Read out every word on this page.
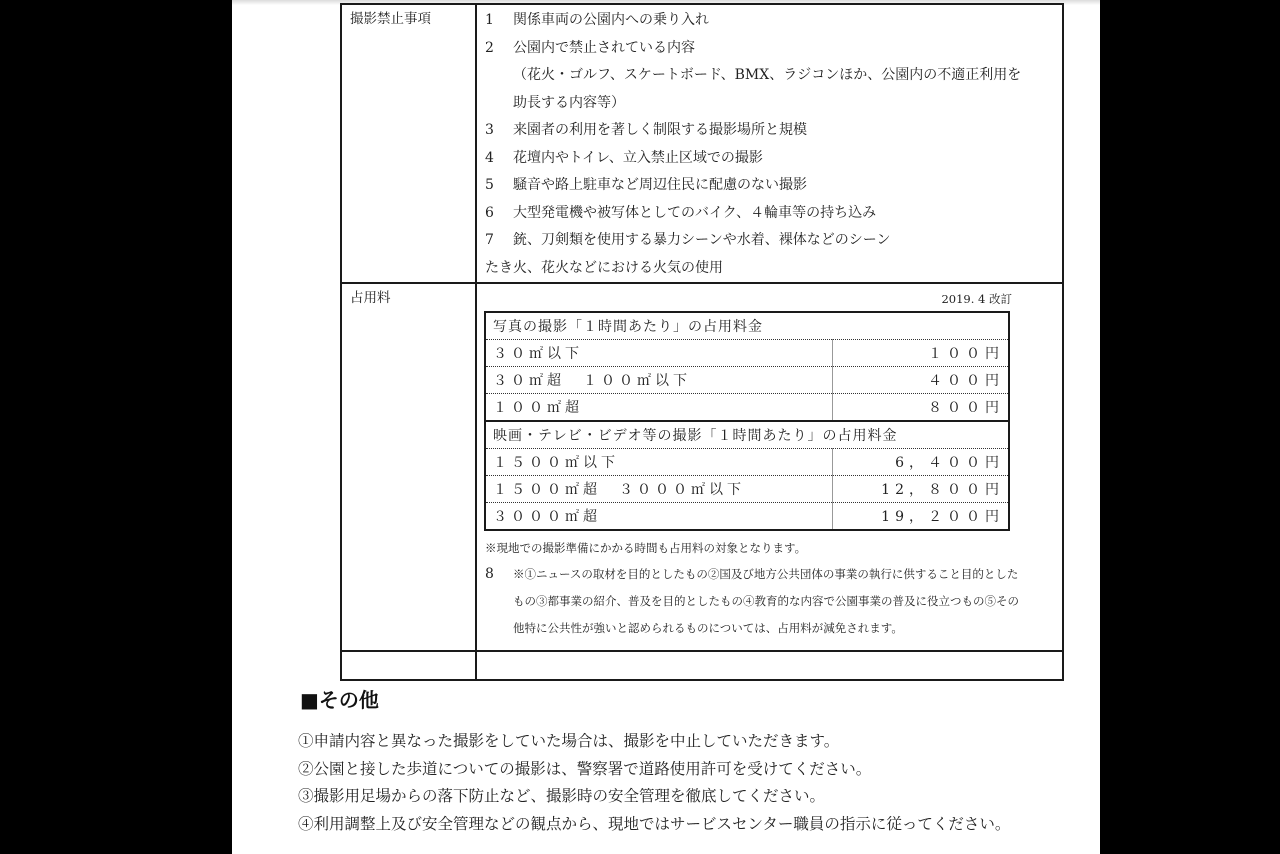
撮影禁止事項	1 関係車両の公園内への乗り入れ
2 公園内で禁止されている内容
（花火・ゴルフ、スケートボード、BMX、ラジコンほか、公園内の不適正利用を
助長する内容等）
3 来園者の利用を著しく制限する撮影場所と規模
4 花壇内やトイレ、立入禁止区域での撮影
5 騒音や路上駐車など周辺住民に配慮のない撮影
6 大型発電機や被写体としてのバイク、４輪車等の持ち込み
7 銃、刀剣類を使用する暴力シーンや水着、裸体などのシーン
たき火、花火などにおける火気の使用
占用料	2019. 4 改訂
写真の撮影「１時間あたり」の占用料金	
３０㎡以下	１００円
３０㎡超　１００㎡以下	４００円
１００㎡超	８００円
映画・テレビ・ビデオ等の撮影「１時間あたり」の占用料金	
１５００㎡以下	6，４００円
１５００㎡超　３０００㎡以下	12，８００円
３０００㎡超	19，２００円
※現地での撮影準備にかかる時間も占用料の対象となります。
8 ※①ニュースの取材を目的としたもの②国及び地方公共団体の事業の執行に供すること目的とした
もの③都事業の紹介、普及を目的としたもの④教育的な内容で公園事業の普及に役立つもの⑤その
他特に公共性が強いと認められるものについては、占用料が減免されます。
■その他
①申請内容と異なった撮影をしていた場合は、撮影を中止していただきます。
②公園と接した歩道についての撮影は、警察署で道路使用許可を受けてください。
③撮影用足場からの落下防止など、撮影時の安全管理を徹底してください。
④利用調整上及び安全管理などの観点から、現地ではサービスセンター職員の指示に従ってください。
